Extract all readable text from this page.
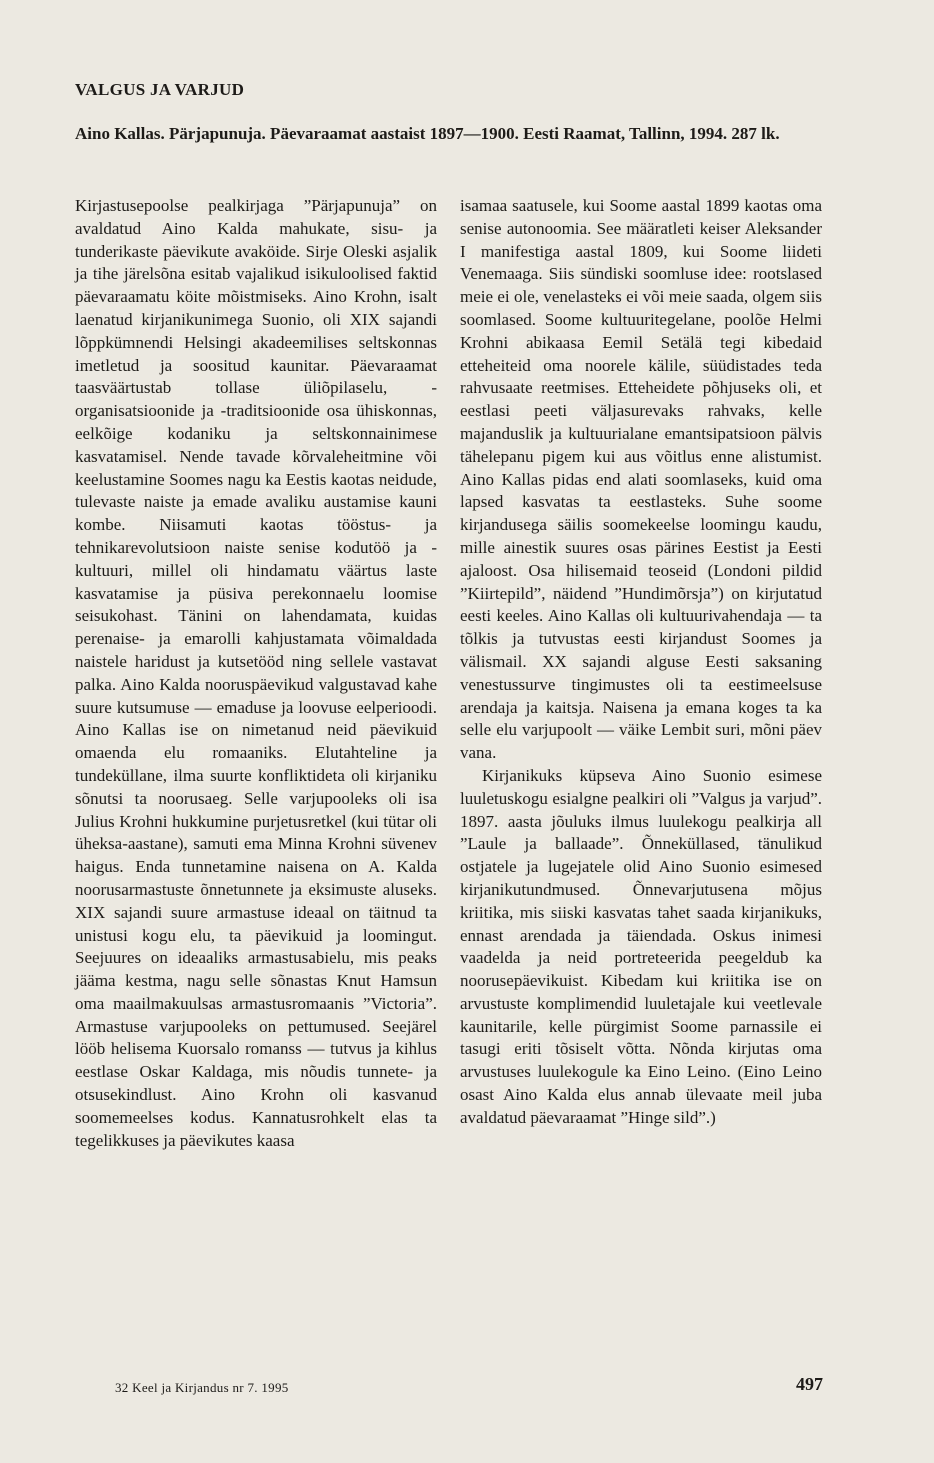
VALGUS JA VARJUD
Aino Kallas. Pärjapunuja. Päevaraamat aastaist 1897—1900. Eesti Raamat, Tallinn, 1994. 287 lk.

Kirjastusepoolse pealkirjaga ”Pärjapunuja” on avaldatud Aino Kalda mahukate, sisu- ja tunderikaste päevikute avaköide. Sirje Oleski asjalik ja tihe järelsõna esitab vajalikud isikuloolised faktid päevaraamatu köite mõistmiseks. Aino Krohn, isalt laenatud kirjanikunimega Suonio, oli XIX sajandi lõppkümnendi Helsingi akadeemilises seltskonnas imetletud ja soositud kaunitar. Päevaraamat taasväärtustab tollase üliõpilaselu, -organisatsioonide ja -traditsioonide osa ühiskonnas, eelkõige kodaniku ja seltskonnainimese kasvatamisel. Nende tavade kõrvaleheitmine või keelustamine Soomes nagu ka Eestis kaotas neidude, tulevaste naiste ja emade avaliku austamise kauni kombe. Niisamuti kaotas tööstus- ja tehnikarevolutsioon naiste senise kodutöö ja -kultuuri, millel oli hindamatu väärtus laste kasvatamise ja püsiva perekonnaelu loomise seisukohast. Tänini on lahendamata, kuidas perenaise- ja emarolli kahjustamata võimaldada naistele haridust ja kutsetööd ning sellele vastavat palka. Aino Kalda nooruspäevikud valgustavad kahe suure kutsumuse — emaduse ja loovuse eelperioodi. Aino Kallas ise on nimetanud neid päevikuid omaenda elu romaaniks. Elutahteline ja tundeküllane, ilma suurte konfliktideta oli kirjaniku sõnutsi ta noorusaeg. Selle varjupooleks oli isa Julius Krohni hukkumine purjetusretkel (kui tütar oli üheksa-aastane), samuti ema Minna Krohni süvenev haigus. Enda tunnetamine naisena on A. Kalda noorusarmastuste õnnetunnete ja eksimuste aluseks. XIX sajandi suure armastuse ideaal on täitnud ta unistusi kogu elu, ta päevikuid ja loomingut. Seejuures on ideaaliks armastusabielu, mis peaks jääma kestma, nagu selle sõnastas Knut Hamsun oma maailmakuulsas armastusromaanis ”Victoria”. Armastuse varjupooleks on pettumused. Seejärel lööb helisema Kuorsalo romanss — tutvus ja kihlus eestlase Oskar Kaldaga, mis nõudis tunnete- ja otsusekindlust. Aino Krohn oli kasvanud soomemeelses kodus. Kannatusrohkelt elas ta tegelikkuses ja päevikutes kaasa

isamaa saatusele, kui Soome aastal 1899 kaotas oma senise autonoomia. See määratleti keiser Aleksander I manifestiga aastal 1809, kui Soome liideti Venemaaga. Siis sündiski soomluse idee: rootslased meie ei ole, venelasteks ei või meie saada, olgem siis soomlased. Soome kultuuritegelane, poolõe Helmi Krohni abikaasa Eemil Setälä tegi kibedaid etteheiteid oma noorele kälile, süüdistades teda rahvusaate reetmises. Etteheidete põhjuseks oli, et eestlasi peeti väljasurevaks rahvaks, kelle majanduslik ja kultuurialane emantsipatsioon pälvis tähelepanu pigem kui aus võitlus enne alistumist. Aino Kallas pidas end alati soomlaseks, kuid oma lapsed kasvatas ta eestlasteks. Suhe soome kirjandusega säilis soomekeelse loomingu kaudu, mille ainestik suures osas pärines Eestist ja Eesti ajaloost. Osa hilisemaid teoseid (Londoni pildid ”Kiirtepild”, näidend ”Hundimõrsja”) on kirjutatud eesti keeles. Aino Kallas oli kultuurivahendaja — ta tõlkis ja tutvustas eesti kirjandust Soomes ja välismail. XX sajandi alguse Eesti saksaning venestussurve tingimustes oli ta eestimeelsuse arendaja ja kaitsja. Naisena ja emana koges ta ka selle elu varjupoolt — väike Lembit suri, mõni päev vana.

Kirjanikuks küpseva Aino Suonio esimese luuletuskogu esialgne pealkiri oli ”Valgus ja varjud”. 1897. aasta jõuluks ilmus luulekogu pealkirja all ”Laule ja ballaade”. Õnneküllased, tänulikud ostjatele ja lugejatele olid Aino Suonio esimesed kirjanikutundmused. Õnnevarjutusena mõjus kriitika, mis siiski kasvatas tahet saada kirjanikuks, ennast arendada ja täiendada. Oskus inimesi vaadelda ja neid portreteerida peegeldub ka noorusepäevikuist. Kibedam kui kriitika ise on arvustuste komplimendid luuletajale kui veetlevale kaunitarile, kelle pürgimist Soome parnassile ei tasugi eriti tõsiselt võtta. Nõnda kirjutas oma arvustuses luulekogule ka Eino Leino. (Eino Leino osast Aino Kalda elus annab ülevaate meil juba avaldatud päevaraamat ”Hinge sild”.)

32 Keel ja Kirjandus nr 7. 1995	497
